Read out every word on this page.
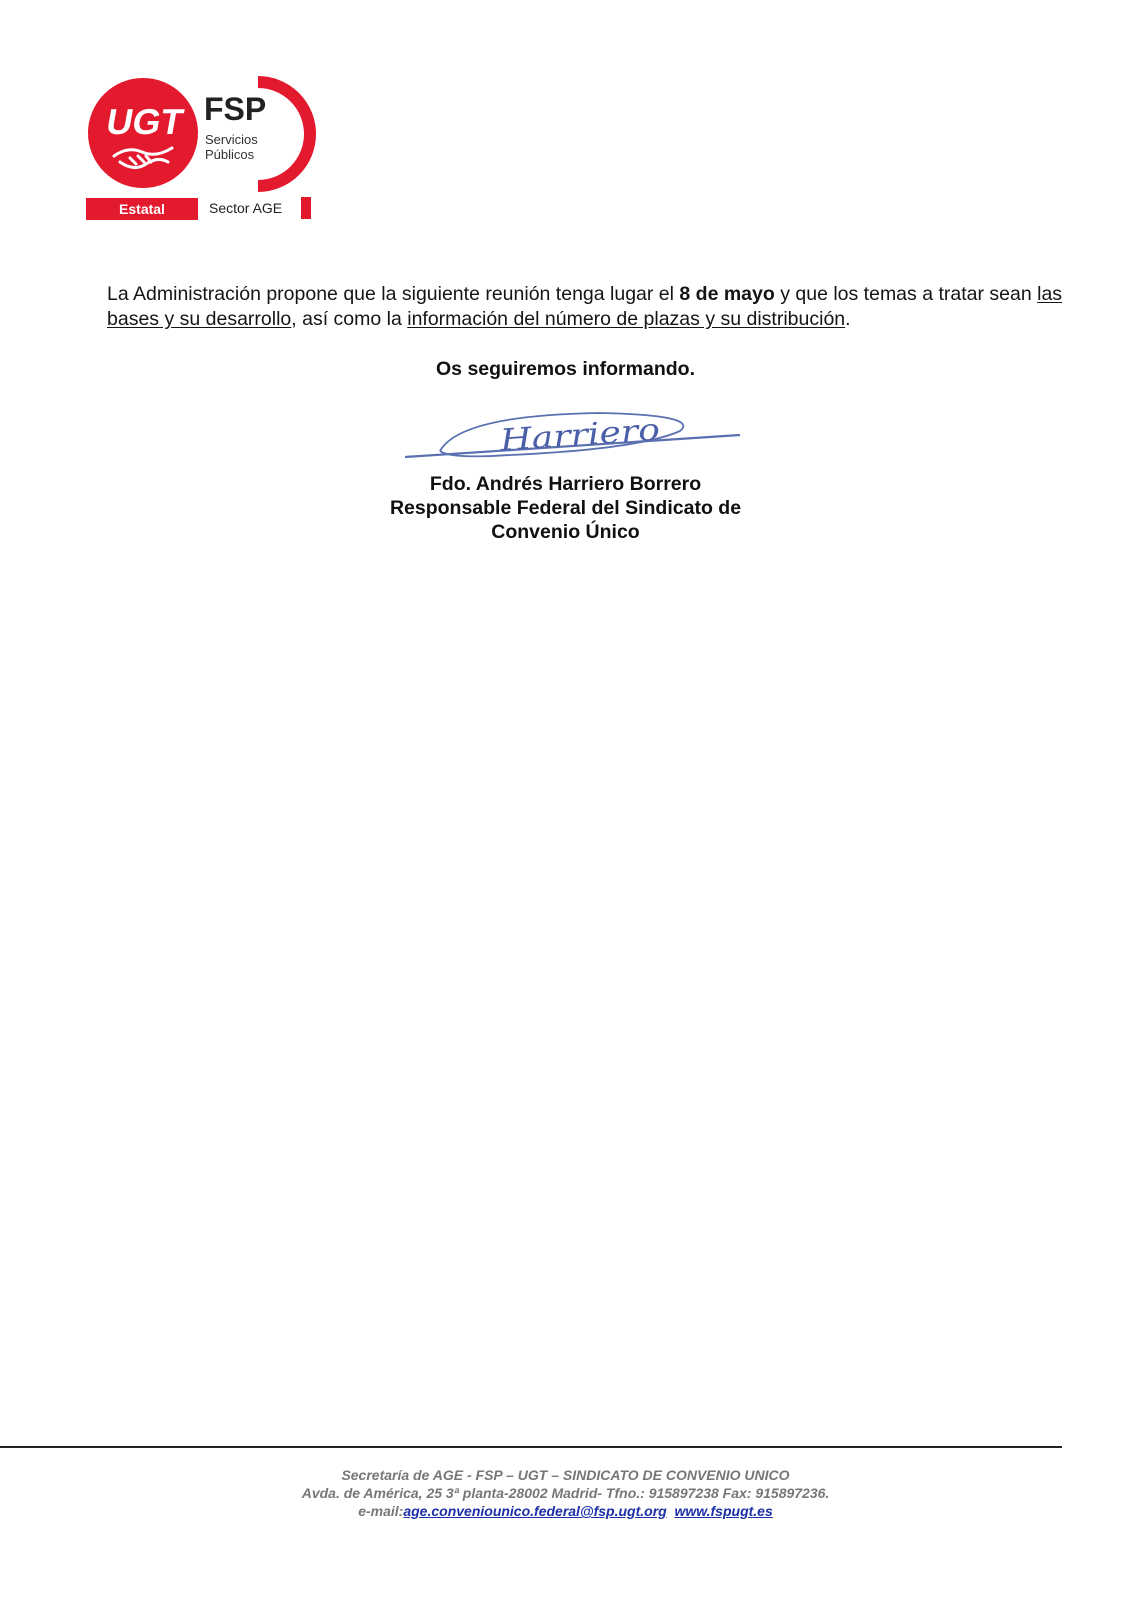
UGT FSP
Servicios
Públicos
Estatal	Sector AGE

La Administración propone que la siguiente reunión tenga lugar el 8 de mayo y que los temas a tratar sean las bases y su desarrollo, así como la información del número de plazas y su distribución.

Os seguiremos informando.
Harriero
Fdo. Andrés Harriero Borrero
Responsable Federal del Sindicato de
Convenio Único
Secretaría de AGE - FSP – UGT – SINDICATO DE CONVENIO UNICO
Avda. de América, 25 3ª planta-28002 Madrid- Tfno.: 915897238 Fax: 915897236.
e-mail:age.conveniounico.federal@fsp.ugt.org www.fspugt.es
